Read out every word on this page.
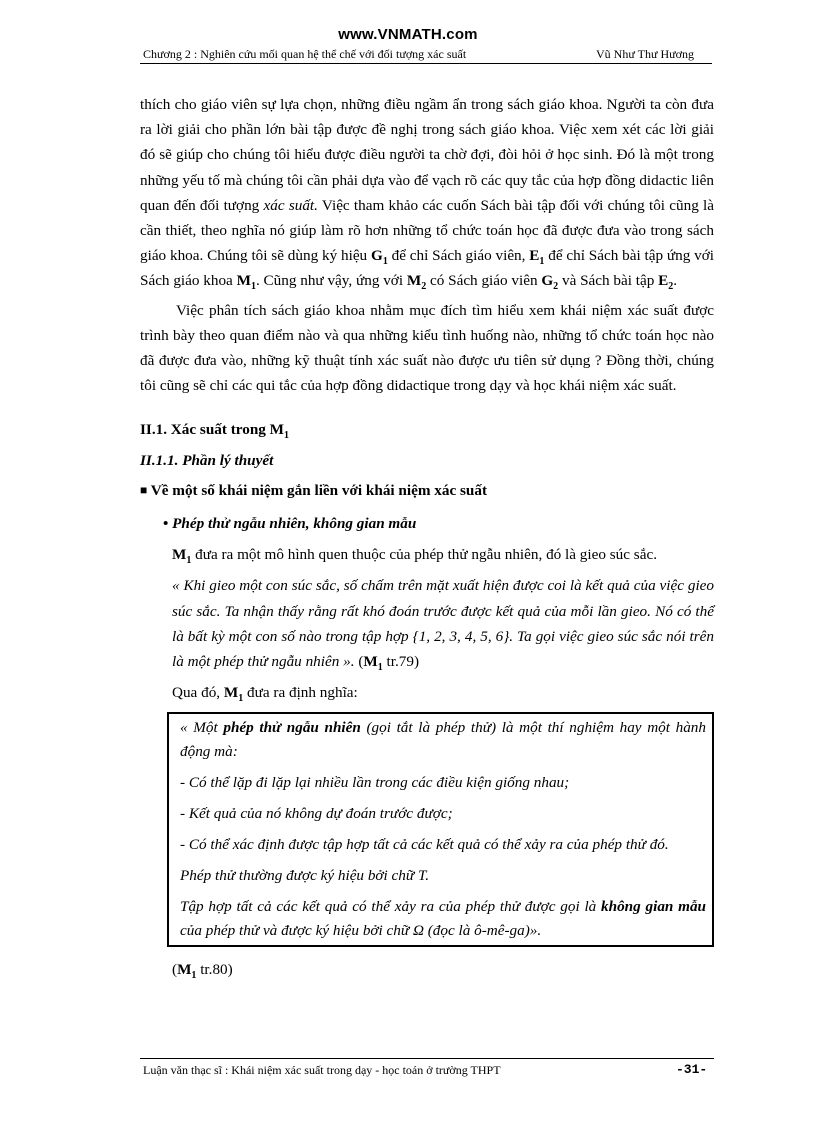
www.VNMATH.com
Chương 2 : Nghiên cứu mối quan hệ thể chế với đối tượng xác suất	Vũ Như Thư Hương

thích cho giáo viên sự lựa chọn, những điều ngầm ẩn trong sách giáo khoa. Người ta còn đưa ra lời giải cho phần lớn bài tập được đề nghị trong sách giáo khoa. Việc xem xét các lời giải đó sẽ giúp cho chúng tôi hiểu được điều người ta chờ đợi, đòi hỏi ở học sinh. Đó là một trong những yếu tố mà chúng tôi cần phải dựa vào để vạch rõ các quy tắc của hợp đồng didactic liên quan đến đối tượng xác suất. Việc tham khảo các cuốn Sách bài tập đối với chúng tôi cũng là cần thiết, theo nghĩa nó giúp làm rõ hơn những tổ chức toán học đã được đưa vào trong sách giáo khoa. Chúng tôi sẽ dùng ký hiệu $G_1$ để chỉ Sách giáo viên, $E_1$ để chỉ Sách bài tập ứng với Sách giáo khoa $M_1$. Cũng như vậy, ứng với $M_2$ có Sách giáo viên $G_2$ và Sách bài tập $E_2$.

Việc phân tích sách giáo khoa nhằm mục đích tìm hiểu xem khái niệm xác suất được trình bày theo quan điểm nào và qua những kiểu tình huống nào, những tổ chức toán học nào đã được đưa vào, những kỹ thuật tính xác suất nào được ưu tiên sử dụng ? Đồng thời, chúng tôi cũng sẽ chỉ các qui tắc của hợp đồng didactique trong dạy và học khái niệm xác suất.

II.1. Xác suất trong $M_1$

II.1.1. Phần lý thuyết

■ Về một số khái niệm gắn liền với khái niệm xác suất

• Phép thử ngẫu nhiên, không gian mẫu

$M_1$ đưa ra một mô hình quen thuộc của phép thử ngẫu nhiên, đó là gieo súc sắc.

« Khi gieo một con súc sắc, số chấm trên mặt xuất hiện được coi là kết quả của việc gieo súc sắc. Ta nhận thấy rằng rất khó đoán trước được kết quả của mỗi lần gieo. Nó có thể là bất kỳ một con số nào trong tập hợp {1, 2, 3, 4, 5, 6}. Ta gọi việc gieo súc sắc nói trên là một phép thử ngẫu nhiên ». ($M_1$ tr.79)

Qua đó, $M_1$ đưa ra định nghĩa:

« Một phép thử ngẫu nhiên (gọi tắt là phép thử) là một thí nghiệm hay một hành động mà:
- Có thể lặp đi lặp lại nhiều lần trong các điều kiện giống nhau;
- Kết quả của nó không dự đoán trước được;
- Có thể xác định được tập hợp tất cả các kết quả có thể xảy ra của phép thử đó.
Phép thử thường được ký hiệu bởi chữ T.
Tập hợp tất cả các kết quả có thể xảy ra của phép thử được gọi là không gian mẫu của phép thử và được ký hiệu bởi chữ Ω (đọc là ô-mê-ga)».

($M_1$ tr.80)

Luận văn thạc sĩ : Khái niệm xác suất trong dạy - học toán ở trường THPT	-31-
